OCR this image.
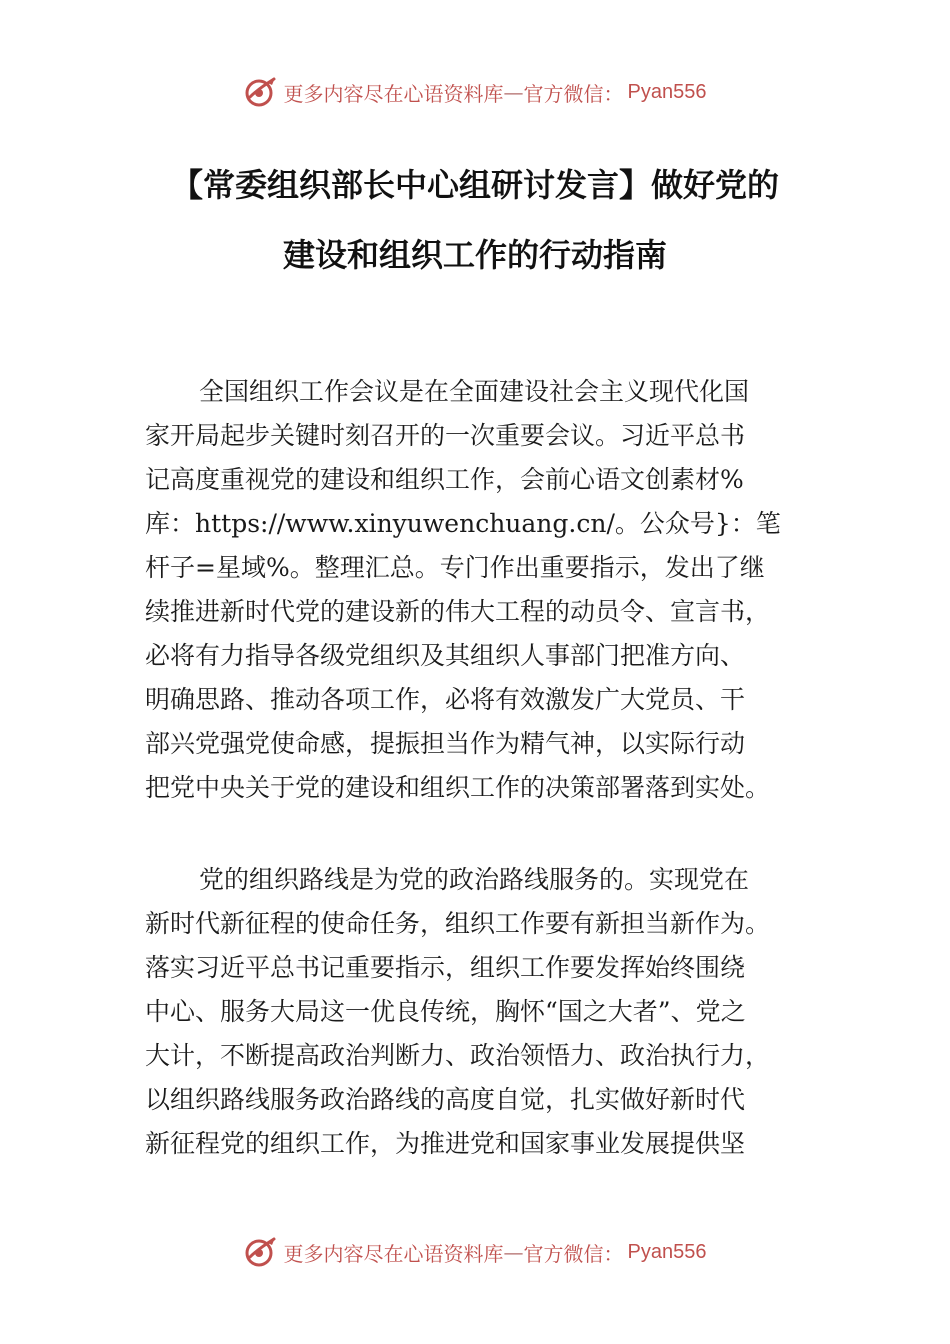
更多内容尽在心语资料库 — 官方微信： Pyan556
【常委组织部长中心组研讨发言】做好党的
建设和组织工作的行动指南
全国组织工作会议是在全面建设社会主义现代化国
家开局起步关键时刻召开的一次重要会议。习近平总书
记高度重视党的建设和组织工作，会前心语文创素材%
库：https://www.xinyuwenchuang.cn/。公众号}：笔
杆子=星域%。整理汇总。专门作出重要指示，发出了继
续推进新时代党的建设新的伟大工程的动员令、宣言书，
必将有力指导各级党组织及其组织人事部门把准方向、
明确思路、推动各项工作，必将有效激发广大党员、干
部兴党强党使命感，提振担当作为精气神，以实际行动
把党中央关于党的建设和组织工作的决策部署落到实处。
党的组织路线是为党的政治路线服务的。实现党在
新时代新征程的使命任务，组织工作要有新担当新作为。
落实习近平总书记重要指示，组织工作要发挥始终围绕
中心、服务大局这一优良传统，胸怀“国之大者”、党之
大计，不断提高政治判断力、政治领悟力、政治执行力，
以组织路线服务政治路线的高度自觉，扎实做好新时代
新征程党的组织工作，为推进党和国家事业发展提供坚
更多内容尽在心语资料库 — 官方微信： Pyan556
